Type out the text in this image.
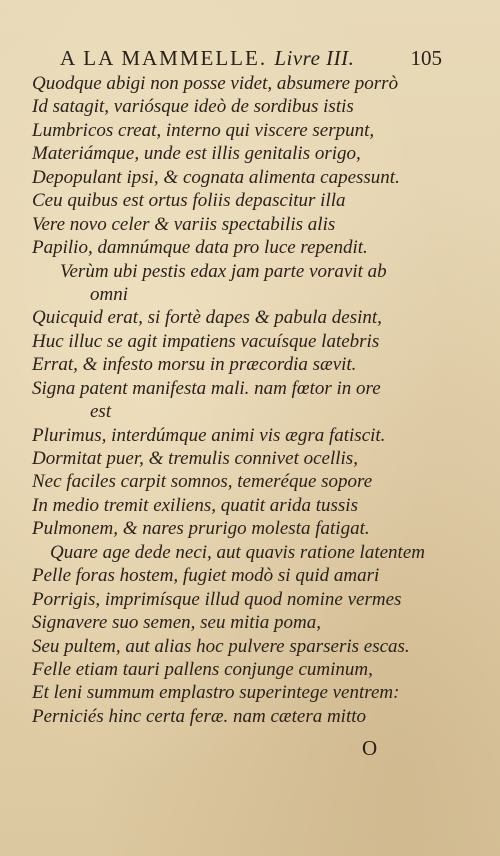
A LA MAMMELLE. Livre III.	105
Quodque abigi non posse videt, absumere porrò
Id satagit, variósque ideò de sordibus istis
Lumbricos creat, interno qui viscere serpunt,
Materiámque, unde est illis genitalis origo,
Depopulant ipsi, & cognata alimenta capessunt.
Ceu quibus est ortus foliis depascitur illa
Vere novo celer & variis spectabilis alis
Papilio, damnúmque data pro luce rependit.
Verùm ubi pestis edax jam parte voravit ab
omni
Quicquid erat, si fortè dapes & pabula desint,
Huc illuc se agit impatiens vacuísque latebris
Errat, & infesto morsu in præcordia sævit.
Signa patent manifesta mali. nam fœtor in ore
est
Plurimus, interdúmque animi vis ægra fatiscit.
Dormitat puer, & tremulis connivet ocellis,
Nec faciles carpit somnos, temeréque sopore
In medio tremit exiliens, quatit arida tussis
Pulmonem, & nares prurigo molesta fatigat.
Quare age dede neci, aut quavis ratione latentem
Pelle foras hostem, fugiet modò si quid amari
Porrigis, imprimísque illud quod nomine vermes
Signavere suo semen, seu mitia poma,
Seu pultem, aut alias hoc pulvere sparseris escas.
Felle etiam tauri pallens conjunge cuminum,
Et leni summum emplastro superintege ventrem:
Perniciés hinc certa feræ. nam cætera mitto
O
